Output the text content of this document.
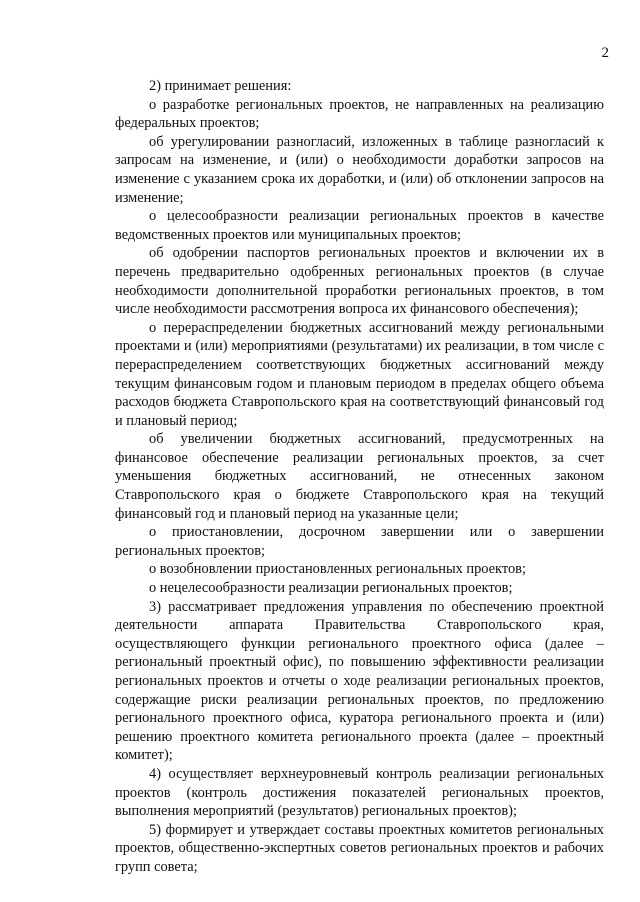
2

2) принимает решения:

о разработке региональных проектов, не направленных на реализацию федеральных проектов;

об урегулировании разногласий, изложенных в таблице разногласий к запросам на изменение, и (или) о необходимости доработки запросов на изменение с указанием срока их доработки, и (или) об отклонении запросов на изменение;

о целесообразности реализации региональных проектов в качестве ведомственных проектов или муниципальных проектов;

об одобрении паспортов региональных проектов и включении их в перечень предварительно одобренных региональных проектов (в случае необходимости дополнительной проработки региональных проектов, в том числе необходимости рассмотрения вопроса их финансового обеспечения);

о перераспределении бюджетных ассигнований между региональными проектами и (или) мероприятиями (результатами) их реализации, в том числе с перераспределением соответствующих бюджетных ассигнований между текущим финансовым годом и плановым периодом в пределах общего объема расходов бюджета Ставропольского края на соответствующий финансовый год и плановый период;

об увеличении бюджетных ассигнований, предусмотренных на финансовое обеспечение реализации региональных проектов, за счет уменьшения бюджетных ассигнований, не отнесенных законом Ставропольского края о бюджете Ставропольского края на текущий финансовый год и плановый период на указанные цели;

о приостановлении, досрочном завершении или о завершении региональных проектов;

о возобновлении приостановленных региональных проектов;

о нецелесообразности реализации региональных проектов;

3) рассматривает предложения управления по обеспечению проектной деятельности аппарата Правительства Ставропольского края, осуществляющего функции регионального проектного офиса (далее – региональный проектный офис), по повышению эффективности реализации региональных проектов и отчеты о ходе реализации региональных проектов, содержащие риски реализации региональных проектов, по предложению регионального проектного офиса, куратора регионального проекта и (или) решению проектного комитета регионального проекта (далее – проектный комитет);

4) осуществляет верхнеуровневый контроль реализации региональных проектов (контроль достижения показателей региональных проектов, выполнения мероприятий (результатов) региональных проектов);

5) формирует и утверждает составы проектных комитетов региональных проектов, общественно-экспертных советов региональных проектов и рабочих групп совета;
